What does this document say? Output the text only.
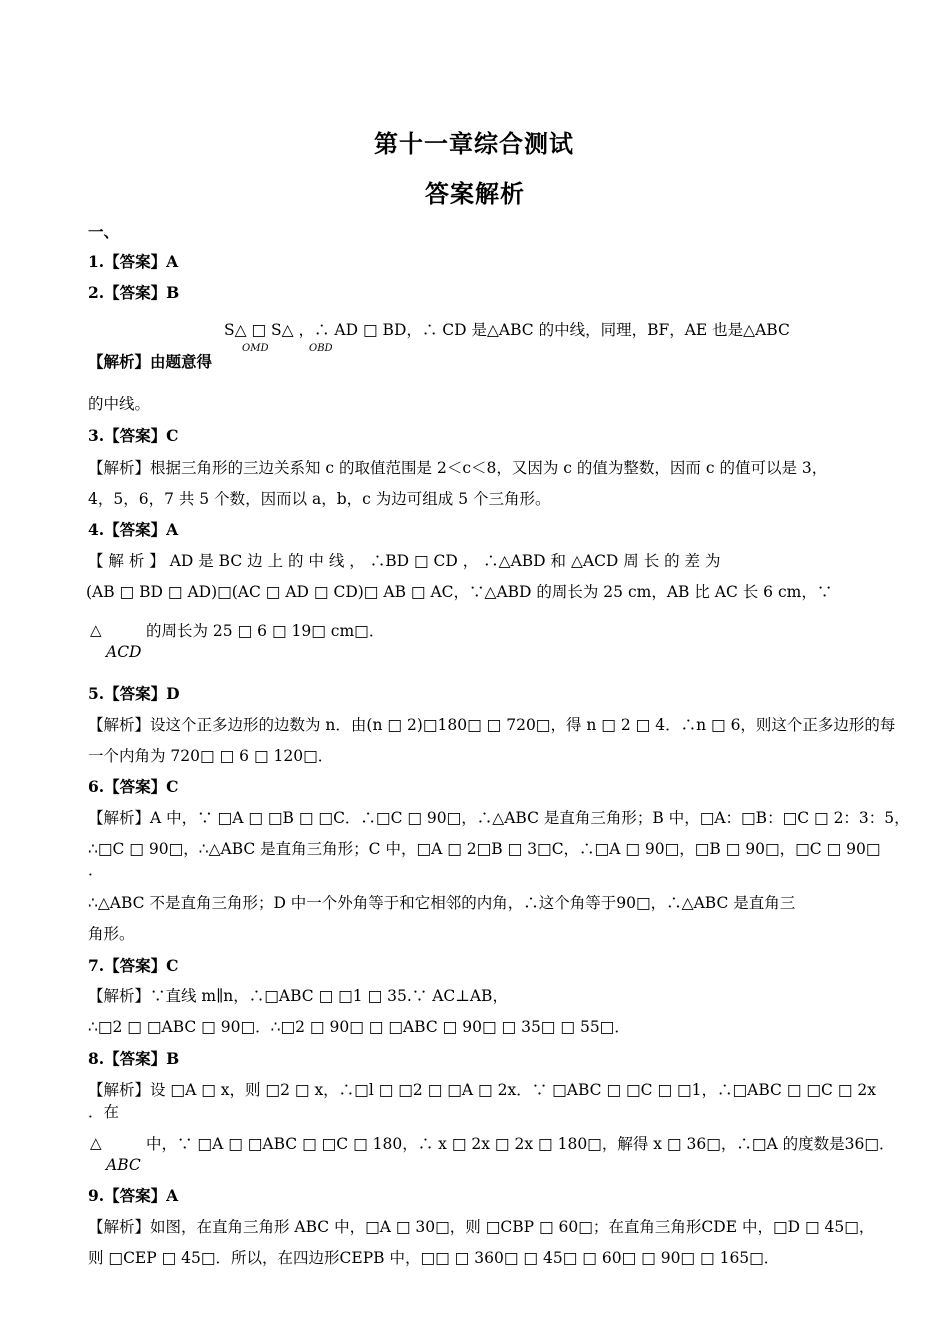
第十一章综合测试
答案解析
一、
1.【答案】A
2.【答案】B
S△ □ S△ ，∴ AD □ BD，∴ CD 是△ABC 的中线，同理，BF，AE 也是△ABC
OMD	OBD
【解析】由题意得
的中线。
3.【答案】C
【解析】根据三角形的三边关系知 c 的取值范围是 2＜c＜8，又因为 c 的值为整数，因而 c 的值可以是 3，
4，5，6，7 共 5 个数，因而以 a，b，c 为边可组成 5 个三角形。
4.【答案】A
【 解 析 】 AD 是 BC 边 上 的 中 线 ， ∴BD □ CD ， ∴△ABD 和 △ACD 周 长 的 差 为
(AB □ BD □ AD)□(AC □ AD □ CD)□ AB □ AC，∵△ABD 的周长为 25 cm，AB 比 AC 长 6 cm，∵
△	的周长为 25 □ 6 □ 19□ cm□．
ACD
5.【答案】D
【解析】设这个正多边形的边数为 n．由(n □ 2)□180□ □ 720□，得 n □ 2 □ 4．∴n □ 6，则这个正多边形的每
一个内角为 720□ □ 6 □ 120□．
6.【答案】C
【解析】A 中，∵ □A □ □B □ □C．∴□C □ 90□，∴△ABC 是直角三角形；B 中，□A：□B：□C □ 2：3：5，
∴□C □ 90□，∴△ABC 是直角三角形；C 中，□A □ 2□B □ 3□C，∴□A □ 90□，□B □ 90□，□C □ 90□
．
∴△ABC 不是直角三角形；D 中一个外角等于和它相邻的内角，∴这个角等于90□，∴△ABC 是直角三
角形。
7.【答案】C
【解析】∵直线 m∥n，∴□ABC □ □1 □ 35.∵ AC⊥AB，
∴□2 □ □ABC □ 90□．∴□2 □ 90□ □ □ABC □ 90□ □ 35□ □ 55□．
8.【答案】B
【解析】设 □A □ x，则 □2 □ x，∴□l □ □2 □ □A □ 2x．∵ □ABC □ □C □ □1，∴□ABC □ □C □ 2x
．在
△	中，∵ □A □ □ABC □ □C □ 180，∴ x □ 2x □ 2x □ 180□，解得 x □ 36□，∴□A 的度数是36□．
ABC
9.【答案】A
【解析】如图，在直角三角形 ABC 中，□A □ 30□，则 □CBP □ 60□；在直角三角形CDE 中，□D □ 45□，
则 □CEP □ 45□．所以，在四边形CEPB 中，□□ □ 360□ □ 45□ □ 60□ □ 90□ □ 165□．
